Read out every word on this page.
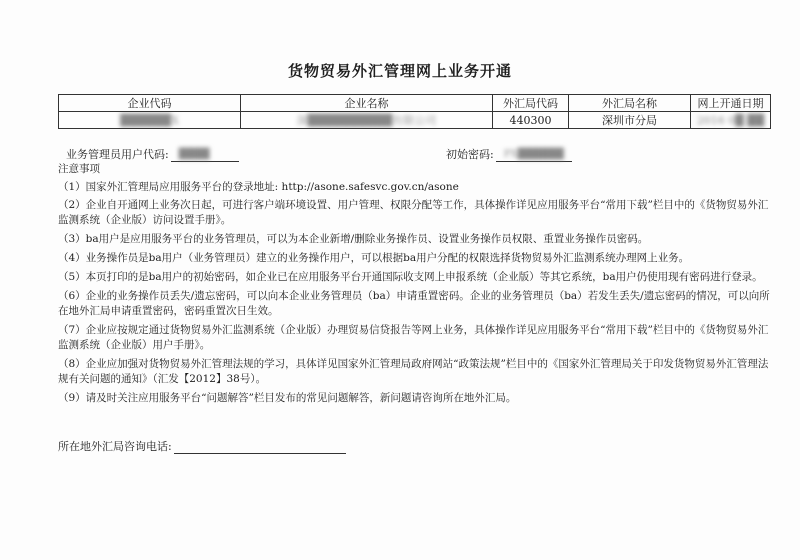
货物贸易外汇管理网上业务开通
企业代码	企业名称	外汇局代码	外汇局名称	网上开通日期
██████X	深██████████有限公司	440300	深圳市分局	2016 0█ ██
业务管理员用户代码: ████	初始密码: PX██████

注意事项

（1）国家外汇管理局应用服务平台的登录地址: http://asone.safesvc.gov.cn/asone

（2）企业自开通网上业务次日起，可进行客户端环境设置、用户管理、权限分配等工作，具体操作详见应用服务平台“常用下载”栏目中的《货物贸易外汇监测系统（企业版）访问设置手册》。

（3）ba用户是应用服务平台的业务管理员，可以为本企业新增/删除业务操作员、设置业务操作员权限、重置业务操作员密码。

（4）业务操作员是ba用户（业务管理员）建立的业务操作用户，可以根据ba用户分配的权限选择货物贸易外汇监测系统办理网上业务。

（5）本页打印的是ba用户的初始密码，如企业已在应用服务平台开通国际收支网上申报系统（企业版）等其它系统，ba用户仍使用现有密码进行登录。

（6）企业的业务操作员丢失/遗忘密码，可以向本企业业务管理员（ba）申请重置密码。企业的业务管理员（ba）若发生丢失/遗忘密码的情况，可以向所在地外汇局申请重置密码，密码重置次日生效。

（7）企业应按规定通过货物贸易外汇监测系统（企业版）办理贸易信贷报告等网上业务，具体操作详见应用服务平台“常用下载”栏目中的《货物贸易外汇监测系统（企业版）用户手册》。

（8）企业应加强对货物贸易外汇管理法规的学习，具体详见国家外汇管理局政府网站“政策法规”栏目中的《国家外汇管理局关于印发货物贸易外汇管理法规有关问题的通知》（汇发【2012】38号）。

（9）请及时关注应用服务平台“问题解答”栏目发布的常见问题解答，新问题请咨询所在地外汇局。

所在地外汇局咨询电话:
